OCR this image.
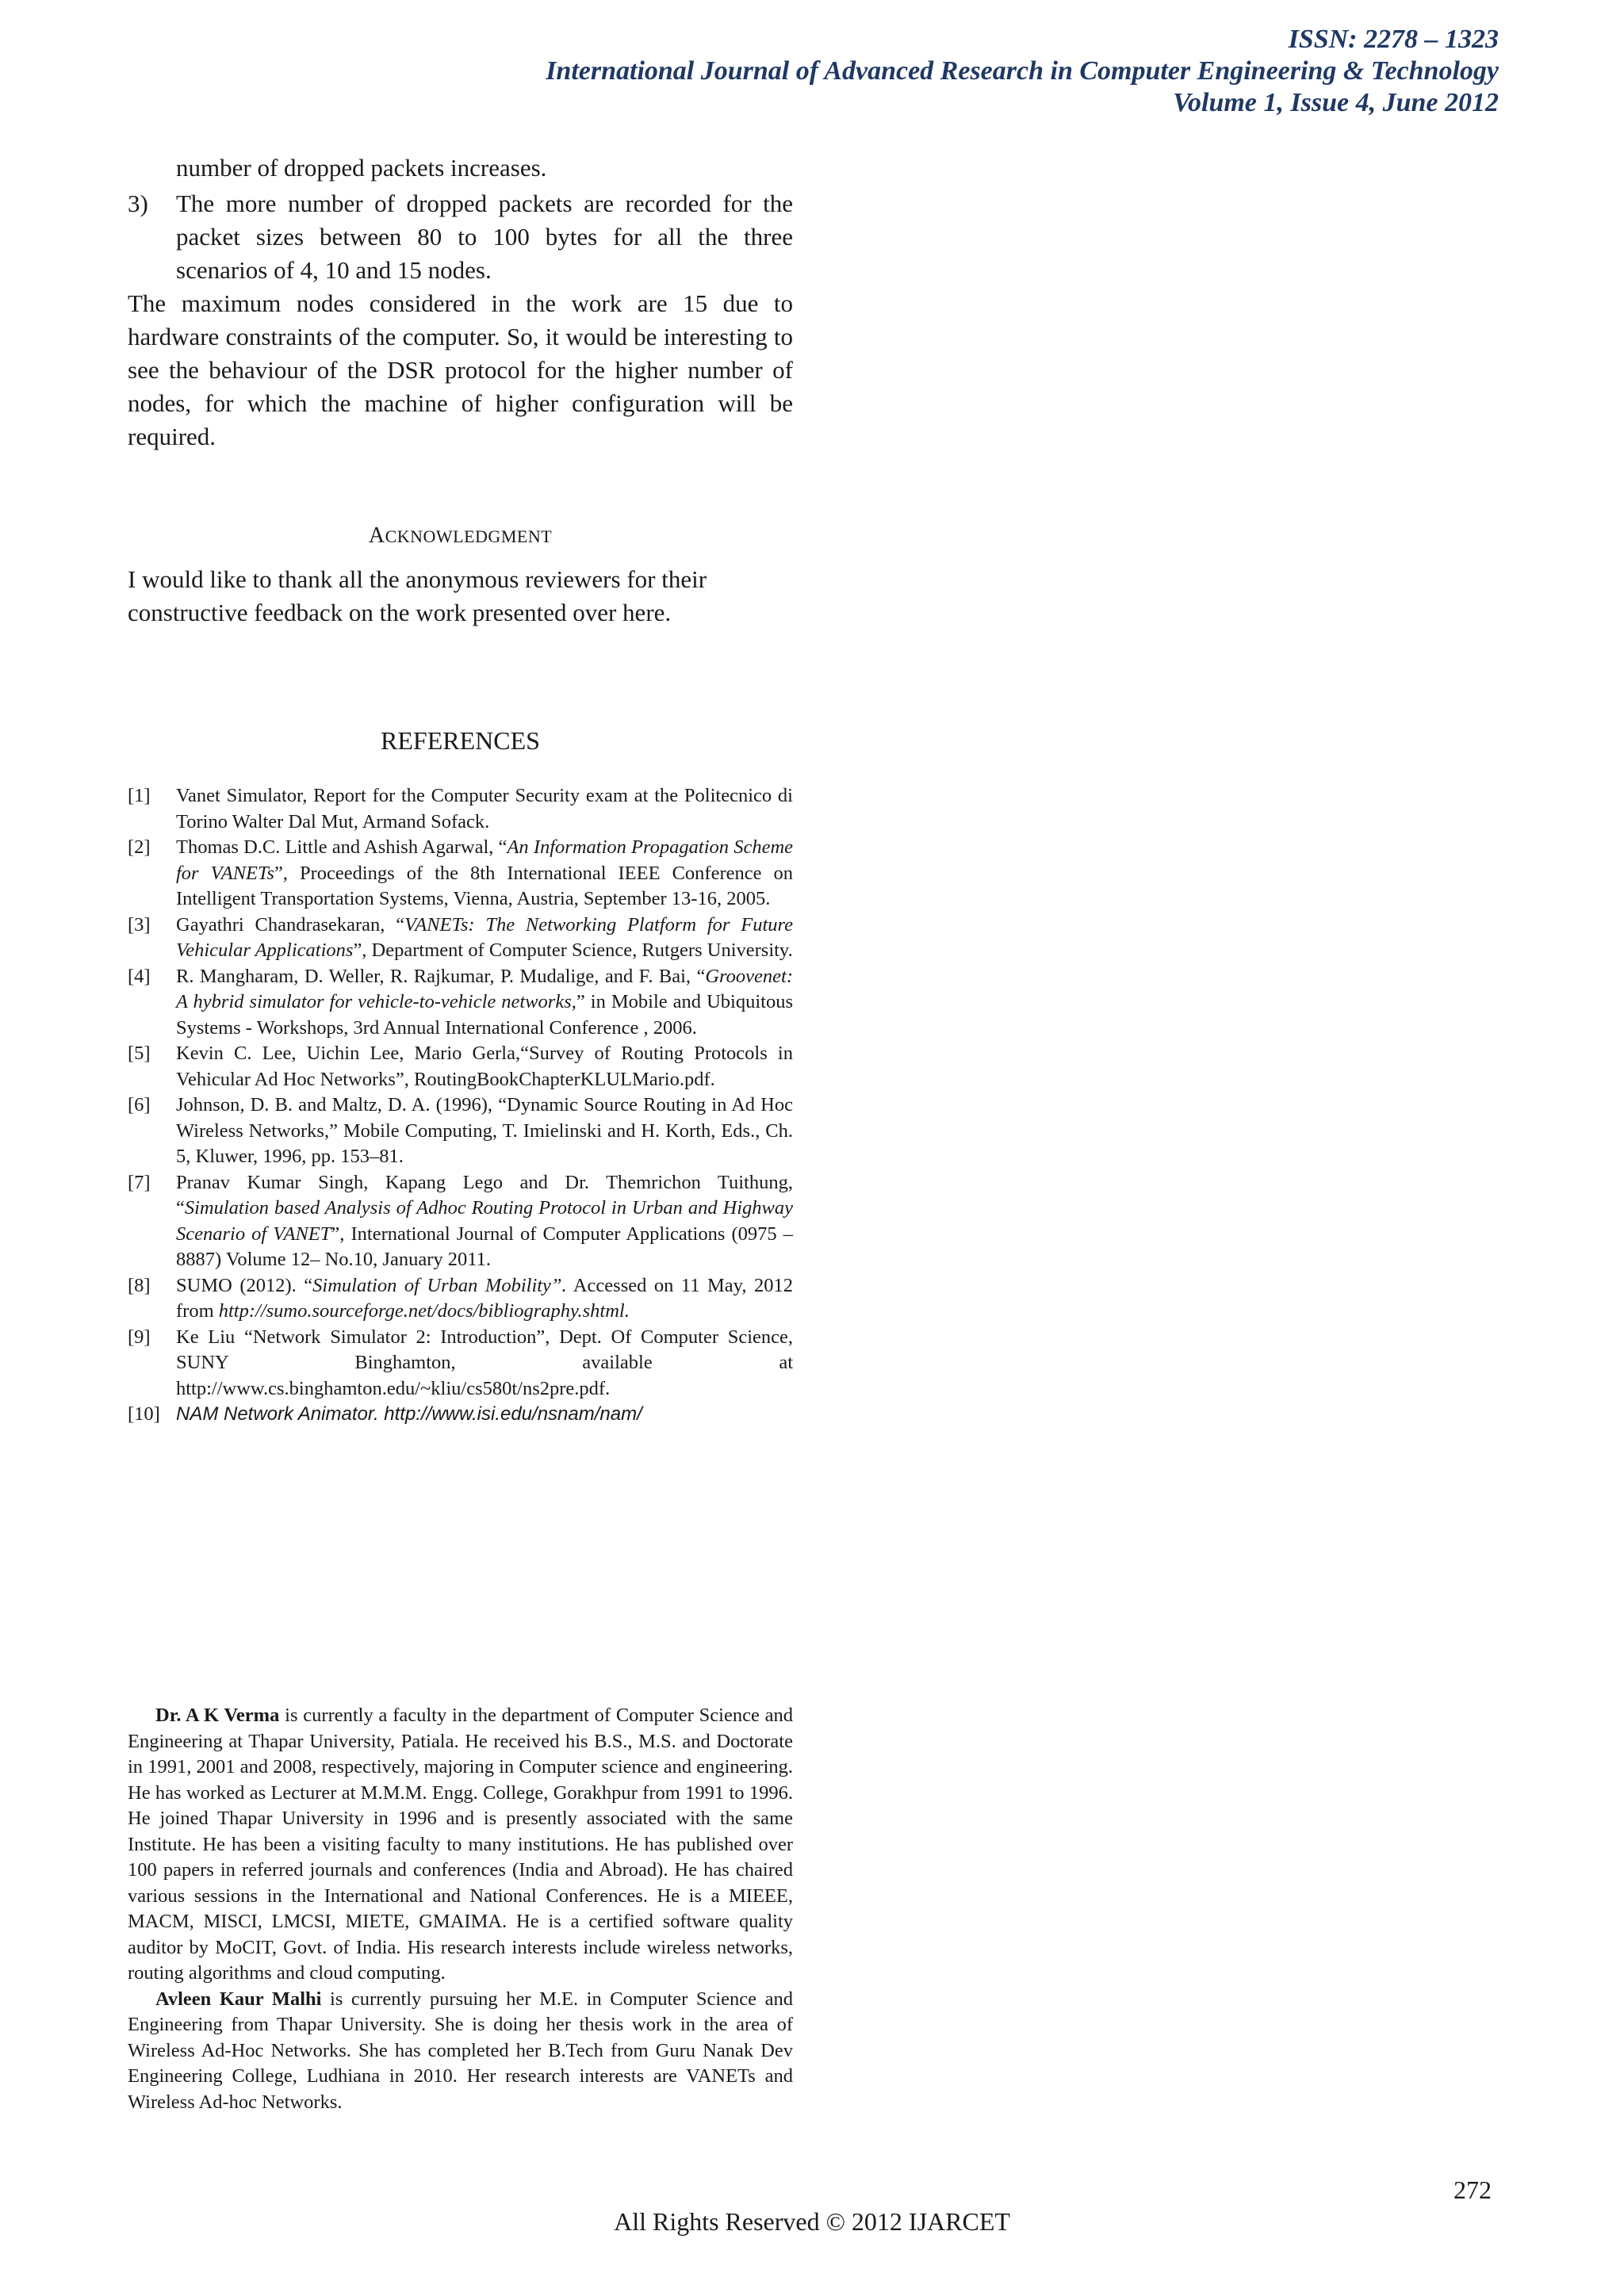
ISSN: 2278 – 1323
International Journal of Advanced Research in Computer Engineering & Technology
Volume 1, Issue 4, June 2012
number of dropped packets increases.
3) The more number of dropped packets are recorded for the packet sizes between 80 to 100 bytes for all the three scenarios of 4, 10 and 15 nodes.
The maximum nodes considered in the work are 15 due to hardware constraints of the computer. So, it would be interesting to see the behaviour of the DSR protocol for the higher number of nodes, for which the machine of higher configuration will be required.
ACKNOWLEDGMENT
I would like to thank all the anonymous reviewers for their constructive feedback on the work presented over here.
REFERENCES
[1]	Vanet Simulator, Report for the Computer Security exam at the Politecnico di Torino Walter Dal Mut, Armand Sofack.
[2]	Thomas D.C. Little and Ashish Agarwal, “An Information Propagation Scheme for VANETs”, Proceedings of the 8th International IEEE Conference on Intelligent Transportation Systems, Vienna, Austria, September 13-16, 2005.
[3]	Gayathri Chandrasekaran, “VANETs: The Networking Platform for Future Vehicular Applications”, Department of Computer Science, Rutgers University.
[4]	R. Mangharam, D. Weller, R. Rajkumar, P. Mudalige, and F. Bai, “Groovenet: A hybrid simulator for vehicle-to-vehicle networks,” in Mobile and Ubiquitous Systems - Workshops, 3rd Annual International Conference , 2006.
[5]	Kevin C. Lee, Uichin Lee, Mario Gerla,“Survey of Routing Protocols in Vehicular Ad Hoc Networks”, RoutingBookChapterKLULMario.pdf.
[6]	Johnson, D. B. and Maltz, D. A. (1996), “Dynamic Source Routing in Ad Hoc Wireless Networks,” Mobile Computing, T. Imielinski and H. Korth, Eds., Ch. 5, Kluwer, 1996, pp. 153–81.
[7]	Pranav Kumar Singh, Kapang Lego and Dr. Themrichon Tuithung, “Simulation based Analysis of Adhoc Routing Protocol in Urban and Highway Scenario of VANET”, International Journal of Computer Applications (0975 – 8887) Volume 12– No.10, January 2011.
[8]	SUMO (2012). “Simulation of Urban Mobility”. Accessed on 11 May, 2012 from http://sumo.sourceforge.net/docs/bibliography.shtml.
[9]	Ke Liu “Network Simulator 2: Introduction”, Dept. Of Computer Science, SUNY Binghamton, available at http://www.cs.binghamton.edu/~kliu/cs580t/ns2pre.pdf.
[10] NAM Network Animator. http://www.isi.edu/nsnam/nam/

Dr. A K Verma is currently a faculty in the department of Computer Science and Engineering at Thapar University, Patiala. He received his B.S., M.S. and Doctorate in 1991, 2001 and 2008, respectively, majoring in Computer science and engineering. He has worked as Lecturer at M.M.M. Engg. College, Gorakhpur from 1991 to 1996. He joined Thapar University in 1996 and is presently associated with the same Institute. He has been a visiting faculty to many institutions. He has published over 100 papers in referred journals and conferences (India and Abroad). He has chaired various sessions in the International and National Conferences. He is a MIEEE, MACM, MISCI, LMCSI, MIETE, GMAIMA. He is a certified software quality auditor by MoCIT, Govt. of India. His research interests include wireless networks, routing algorithms and cloud computing.

Avleen Kaur Malhi is currently pursuing her M.E. in Computer Science and Engineering from Thapar University. She is doing her thesis work in the area of Wireless Ad-Hoc Networks. She has completed her B.Tech from Guru Nanak Dev Engineering College, Ludhiana in 2010. Her research interests are VANETs and Wireless Ad-hoc Networks.

272
All Rights Reserved © 2012 IJARCET
